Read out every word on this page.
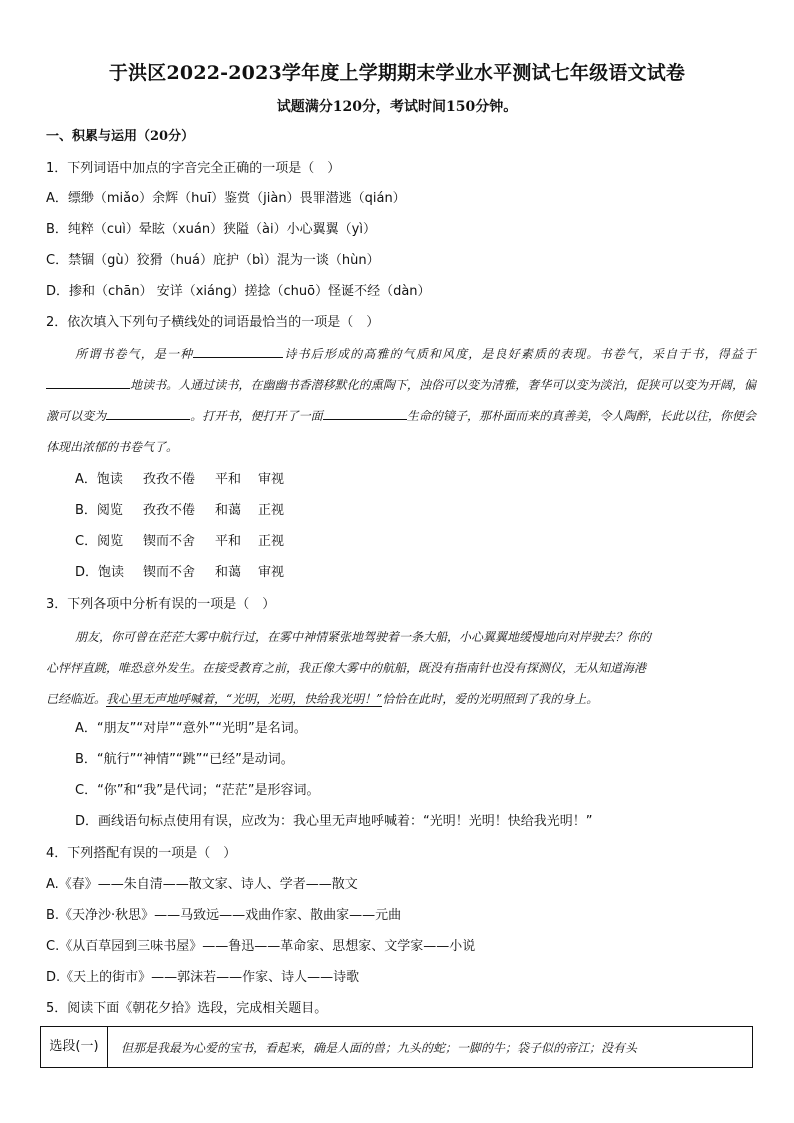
于洪区2022-2023学年度上学期期末学业水平测试七年级语文试卷
试题满分120分，考试时间150分钟。
一、积累与运用（20分）
1．下列词语中加点的字音完全正确的一项是（　）
A．缥缈（miǎo）余辉（huī）鉴赏（jiàn）畏罪潜逃（qián）
B．纯粹（cuì）晕眩（xuán）狭隘（ài）小心翼翼（yì）
C．禁锢（gù）狡猾（huá）庇护（bì）混为一谈（hùn）
D．掺和（chān） 安详（xiáng）搓捻（chuō）怪诞不经（dàn）
2．依次填入下列句子横线处的词语最恰当的一项是（　）
所谓书卷气，是一种	诗书后形成的高雅的气质和风度，是良好素质的表现。书卷气，采自于书，得益于地读书。人通过读书，在幽幽书香潜移默化的熏陶下，浊俗可以变为清雅，奢华可以变为淡泊，促狭可以变为开阔，偏激可以变为	。打开书，便打开了一面	生命的镜子，那朴面而来的真善美，令人陶醉，长此以往，你便会体现出浓郁的书卷气了。
A．饱读 孜孜不倦 平和 审视
B．阅览 孜孜不倦 和蔼 正视
C．阅览 锲而不舍 平和 正视
D．饱读 锲而不舍 和蔼 审视
3．下列各项中分析有误的一项是（　）
朋友，你可曾在茫茫大雾中航行过，在雾中神情紧张地驾驶着一条大船，小心翼翼地缓慢地向对岸驶去？你的
心怦怦直跳，唯恐意外发生。在接受教育之前，我正像大雾中的航船，既没有指南针也没有探测仪，无从知道海港
已经临近。我心里无声地呼喊着，“光明，光明，快给我光明！”恰恰在此时，爱的光明照到了我的身上。
A．“朋友”“对岸”“意外”“光明”是名词。
B．“航行”“神情”“跳”“已经”是动词。
C．“你”和“我”是代词；“茫茫”是形容词。
D．画线语句标点使用有误，应改为：我心里无声地呼喊着：“光明！光明！快给我光明！”
4．下列搭配有误的一项是（　）
A.《春》——朱自清——散文家、诗人、学者——散文
B.《天净沙·秋思》——马致远——戏曲作家、散曲家——元曲
C.《从百草园到三味书屋》——鲁迅——革命家、思想家、文学家——小说
D.《天上的街市》——郭沫若——作家、诗人——诗歌
5．阅读下面《朝花夕拾》选段，完成相关题目。
选段(一)	但那是我最为心爱的宝书，看起来，确是人面的兽；九头的蛇；一脚的牛；袋子似的帝江；没有头
